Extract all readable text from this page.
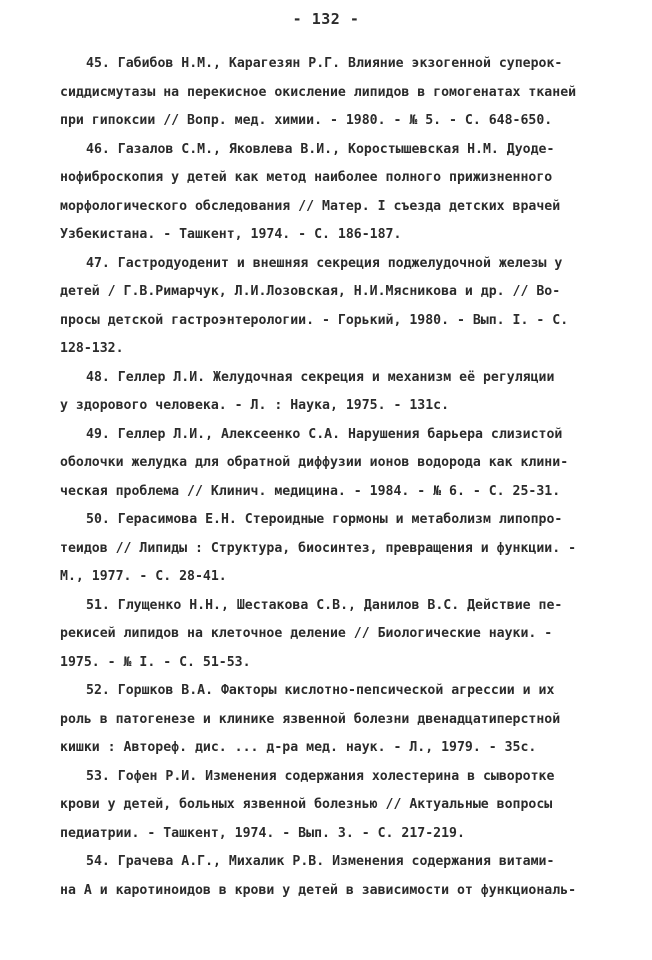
- 132 -
45. Габибов Н.М., Карагезян Р.Г. Влияние экзогенной суперок-
сиддисмутазы на перекисное окисление липидов в гомогенатах тканей
при гипоксии // Вопр. мед. химии. - 1980. - № 5. - С. 648-650.
46. Газалов С.М., Яковлева В.И., Коростышевская Н.М. Дуоде-
нофиброскопия у детей как метод наиболее полного прижизненного
морфологического обследования // Матер. I съезда детских врачей
Узбекистана. - Ташкент, 1974. - С. 186-187.
47. Гастродуоденит и внешняя секреция поджелудочной железы у
детей / Г.В.Римарчук, Л.И.Лозовская, Н.И.Мясникова и др. // Во-
просы детской гастроэнтерологии. - Горький, 1980. - Вып. I. - С.
128-132.
48. Геллер Л.И. Желудочная секреция и механизм её регуляции
у здорового человека. - Л. : Наука, 1975. - 131с.
49. Геллер Л.И., Алексеенко С.А. Нарушения барьера слизистой
оболочки желудка для обратной диффузии ионов водорода как клини-
ческая проблема // Клинич. медицина. - 1984. - № 6. - С. 25-31.
50. Герасимова Е.Н. Стероидные гормоны и метаболизм липопро-
теидов // Липиды : Структура, биосинтез, превращения и функции. -
М., 1977. - С. 28-41.
51. Глущенко Н.Н., Шестакова С.В., Данилов В.С. Действие пе-
рекисей липидов на клеточное деление // Биологические науки. -
1975. - № I. - С. 51-53.
52. Горшков В.А. Факторы кислотно-пепсической агрессии и их
роль в патогенезе и клинике язвенной болезни двенадцатиперстной
кишки : Автореф. дис. ... д-ра мед. наук. - Л., 1979. - 35с.
53. Гофен Р.И. Изменения содержания холестерина в сыворотке
крови у детей, больных язвенной болезнью // Актуальные вопросы
педиатрии. - Ташкент, 1974. - Вып. 3. - С. 217-219.
54. Грачева А.Г., Михалик Р.В. Изменения содержания витами-
на А и каротиноидов в крови у детей в зависимости от функциональ-
